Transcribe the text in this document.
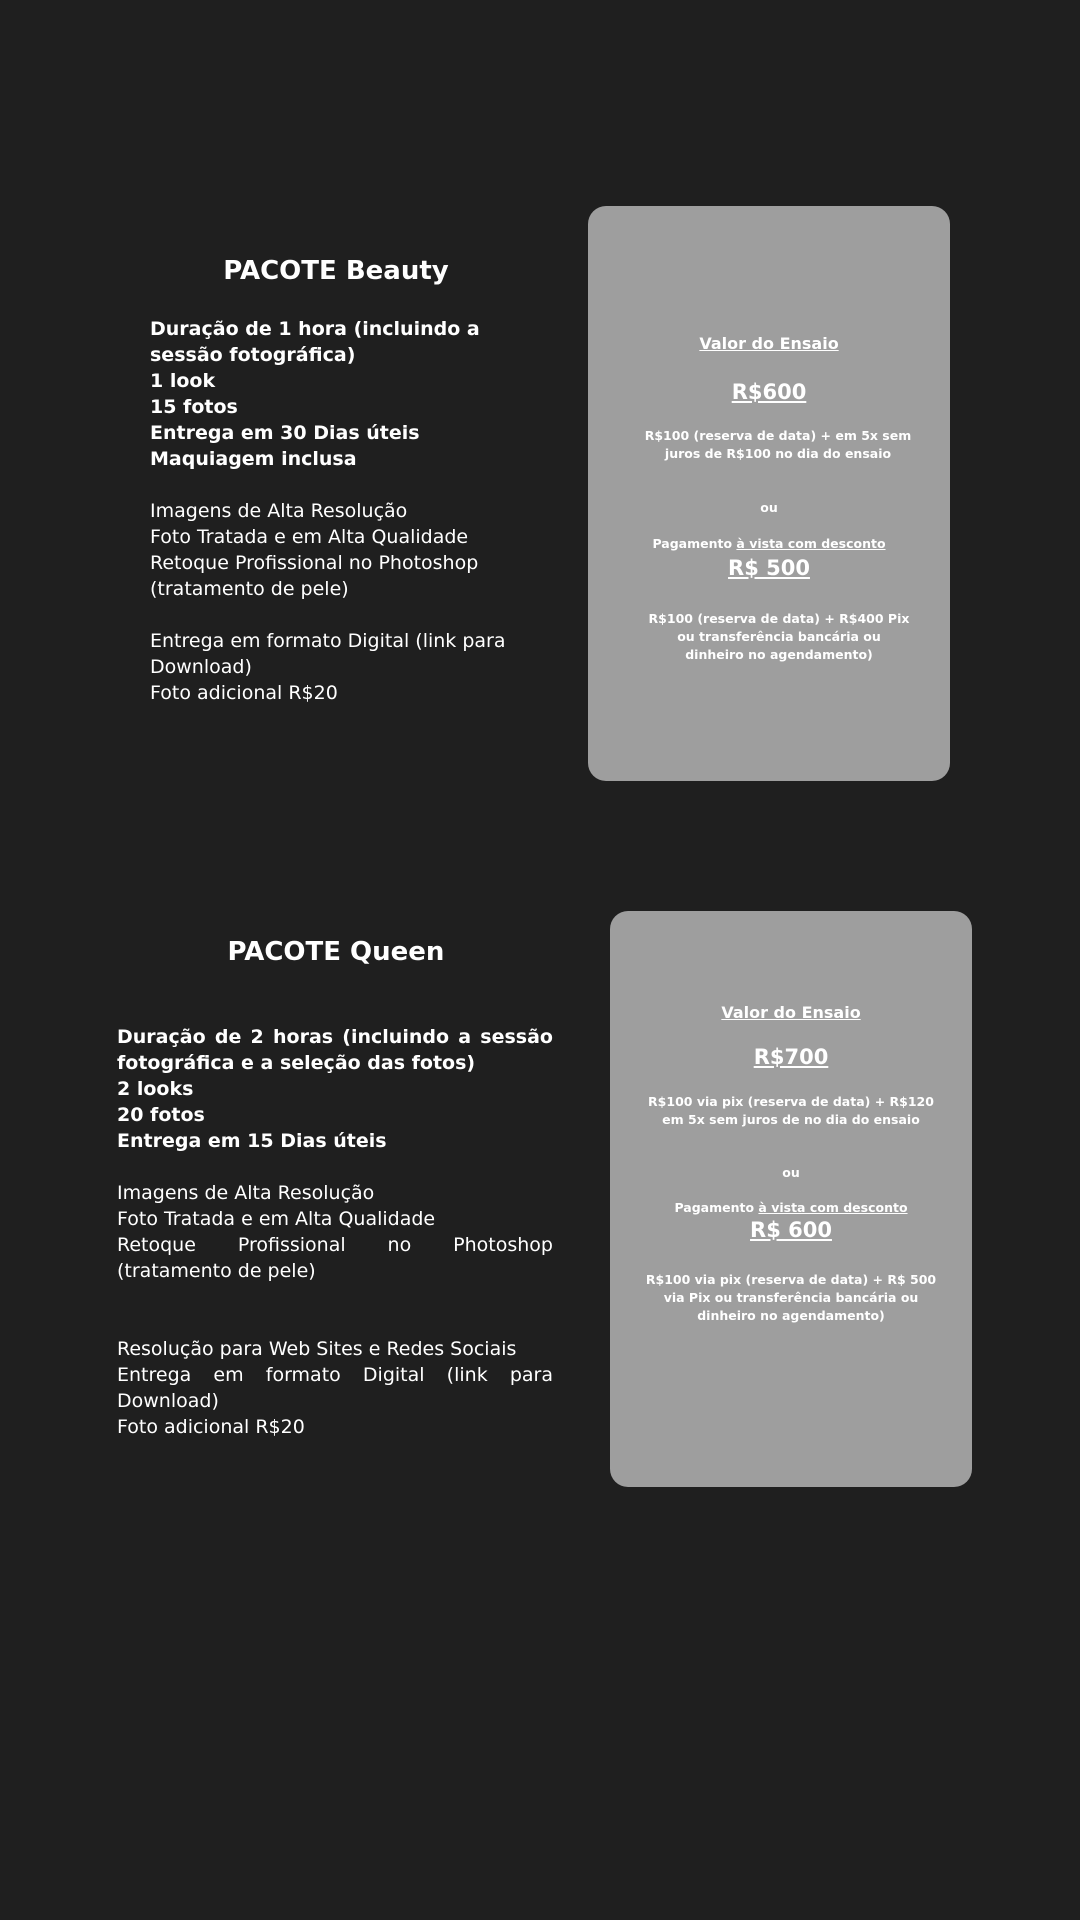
PACOTE Beauty
Duração de 1 hora (incluindo a sessão fotográfica)
1 look
15 fotos
Entrega em 30 Dias úteis
Maquiagem inclusa
Imagens de Alta Resolução
Foto Tratada e em Alta Qualidade
Retoque Profissional no Photoshop (tratamento de pele)
Entrega em formato Digital (link para Download)
Foto adicional R$20
Valor do Ensaio
R$600
R$100 (reserva de data) + em 5x sem juros de R$100 no dia do ensaio
ou
Pagamento à vista com desconto
R$ 500
R$100 (reserva de data) + R$400 Pix ou transferência bancária ou dinheiro no agendamento)
PACOTE Queen
Duração de 2 horas (incluindo a sessão fotográfica e a seleção das fotos)
2 looks
20 fotos
Entrega em 15 Dias úteis
Imagens de Alta Resolução
Foto Tratada e em Alta Qualidade
Retoque Profissional no Photoshop (tratamento de pele)
Resolução para Web Sites e Redes Sociais
Entrega em formato Digital (link para Download)
Foto adicional R$20
Valor do Ensaio
R$700
R$100 via pix (reserva de data) + R$120 em 5x sem juros de no dia do ensaio
ou
Pagamento à vista com desconto
R$ 600
R$100 via pix (reserva de data) + R$ 500 via Pix ou transferência bancária ou dinheiro no agendamento)
